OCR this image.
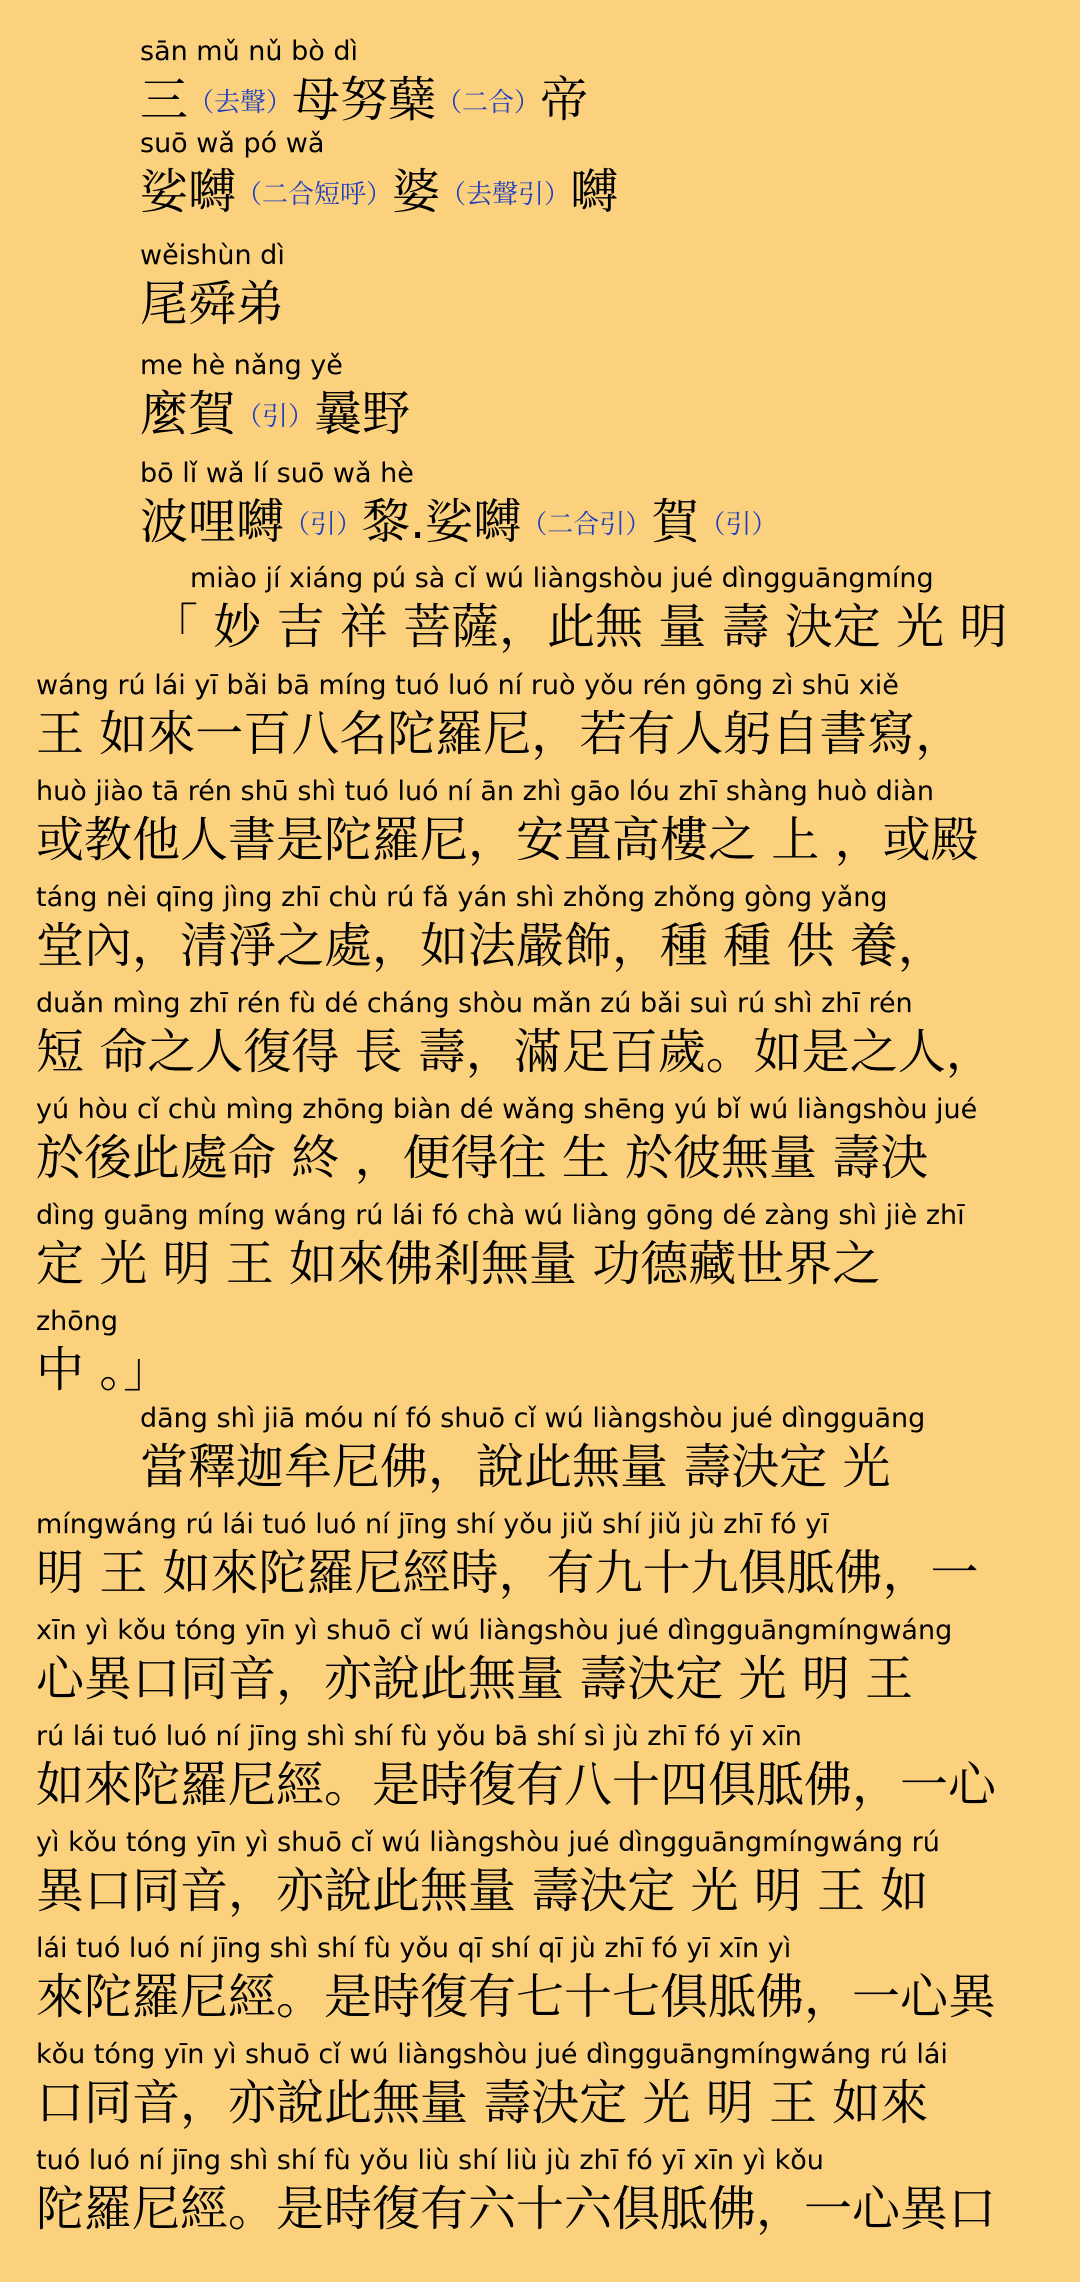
sān mǔ nǔ bò dì
三（去聲）母努蘖（二合）帝
suō wǎ pó wǎ
娑嚩（二合短呼）婆（去聲引）嚩
wěishùn dì
尾舜弟
me hè nǎng yě
麼賀（引）曩野
bō lǐ wǎ lí suō wǎ hè
波哩嚩（引）黎.娑嚩（二合引）賀（引）
miào jí xiáng pú sà cǐ wú liàngshòu jué dìngguāngmíng
「 妙 吉 祥 菩薩，此無 量 壽 決定 光 明
wáng rú lái yī bǎi bā míng tuó luó ní ruò yǒu rén gōng zì shū xiě
王 如來一百八名陀羅尼，若有人躬自書寫，
huò jiào tā rén shū shì tuó luó ní ān zhì gāo lóu zhī shàng huò diàn
或教他人書是陀羅尼，安置高樓之 上 ，或殿
táng nèi qīng jìng zhī chù rú fǎ yán shì zhǒng zhǒng gòng yǎng
堂內，清淨之處，如法嚴飾，種 種 供 養，
duǎn mìng zhī rén fù dé cháng shòu mǎn zú bǎi suì rú shì zhī rén
短 命之人復得 長 壽，滿足百歲。如是之人，
yú hòu cǐ chù mìng zhōng biàn dé wǎng shēng yú bǐ wú liàngshòu jué
於後此處命 終 ，便得往 生 於彼無量 壽決
dìng guāng míng wáng rú lái fó chà wú liàng gōng dé zàng shì jiè zhī
定 光 明 王 如來佛剎無量 功德藏世界之
zhōng
中 。」
dāng shì jiā móu ní fó shuō cǐ wú liàngshòu jué dìngguāng
當釋迦牟尼佛，說此無量 壽決定 光
míngwáng rú lái tuó luó ní jīng shí yǒu jiǔ shí jiǔ jù zhī fó yī
明 王 如來陀羅尼經時，有九十九俱胝佛，一
xīn yì kǒu tóng yīn yì shuō cǐ wú liàngshòu jué dìngguāngmíngwáng
心異口同音，亦說此無量 壽決定 光 明 王
rú lái tuó luó ní jīng shì shí fù yǒu bā shí sì jù zhī fó yī xīn
如來陀羅尼經。是時復有八十四俱胝佛，一心
yì kǒu tóng yīn yì shuō cǐ wú liàngshòu jué dìngguāngmíngwáng rú
異口同音，亦說此無量 壽決定 光 明 王 如
lái tuó luó ní jīng shì shí fù yǒu qī shí qī jù zhī fó yī xīn yì
來陀羅尼經。是時復有七十七俱胝佛，一心異
kǒu tóng yīn yì shuō cǐ wú liàngshòu jué dìngguāngmíngwáng rú lái
口同音，亦說此無量 壽決定 光 明 王 如來
tuó luó ní jīng shì shí fù yǒu liù shí liù jù zhī fó yī xīn yì kǒu
陀羅尼經。是時復有六十六俱胝佛，一心異口
